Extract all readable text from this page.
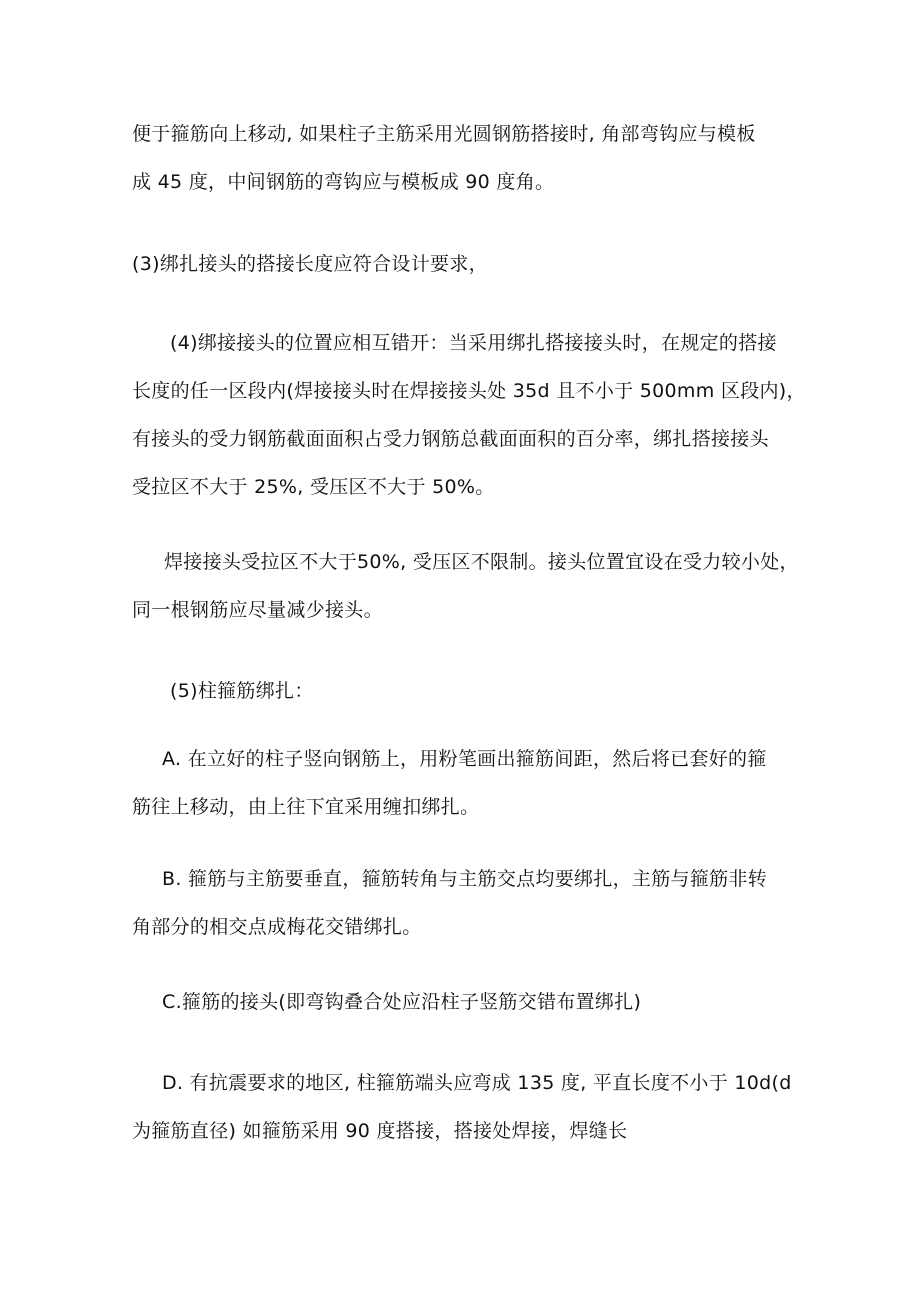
便于箍筋向上移动, 如果柱子主筋采用光圆钢筋搭接时, 角部弯钩应与模板
成 45 度，中间钢筋的弯钩应与模板成 90 度角。
(3)绑扎接头的搭接长度应符合设计要求，
(4)绑接接头的位置应相互错开：当采用绑扎搭接接头时，在规定的搭接
长度的任一区段内(焊接接头时在焊接接头处 35d 且不小于 500mm 区段内)，
有接头的受力钢筋截面面积占受力钢筋总截面面积的百分率，绑扎搭接接头
受拉区不大于 25%, 受压区不大于 50%。
焊接接头受拉区不大于50%, 受压区不限制。接头位置宜设在受力较小处，
同一根钢筋应尽量减少接头。
(5)柱箍筋绑扎：
A. 在立好的柱子竖向钢筋上，用粉笔画出箍筋间距，然后将已套好的箍
筋往上移动，由上往下宜采用缠扣绑扎。
B. 箍筋与主筋要垂直，箍筋转角与主筋交点均要绑扎，主筋与箍筋非转
角部分的相交点成梅花交错绑扎。
C.箍筋的接头(即弯钩叠合处应沿柱子竖筋交错布置绑扎)
D. 有抗震要求的地区, 柱箍筋端头应弯成 135 度, 平直长度不小于 10d(d
为箍筋直径) 如箍筋采用 90 度搭接，搭接处焊接，焊缝长
